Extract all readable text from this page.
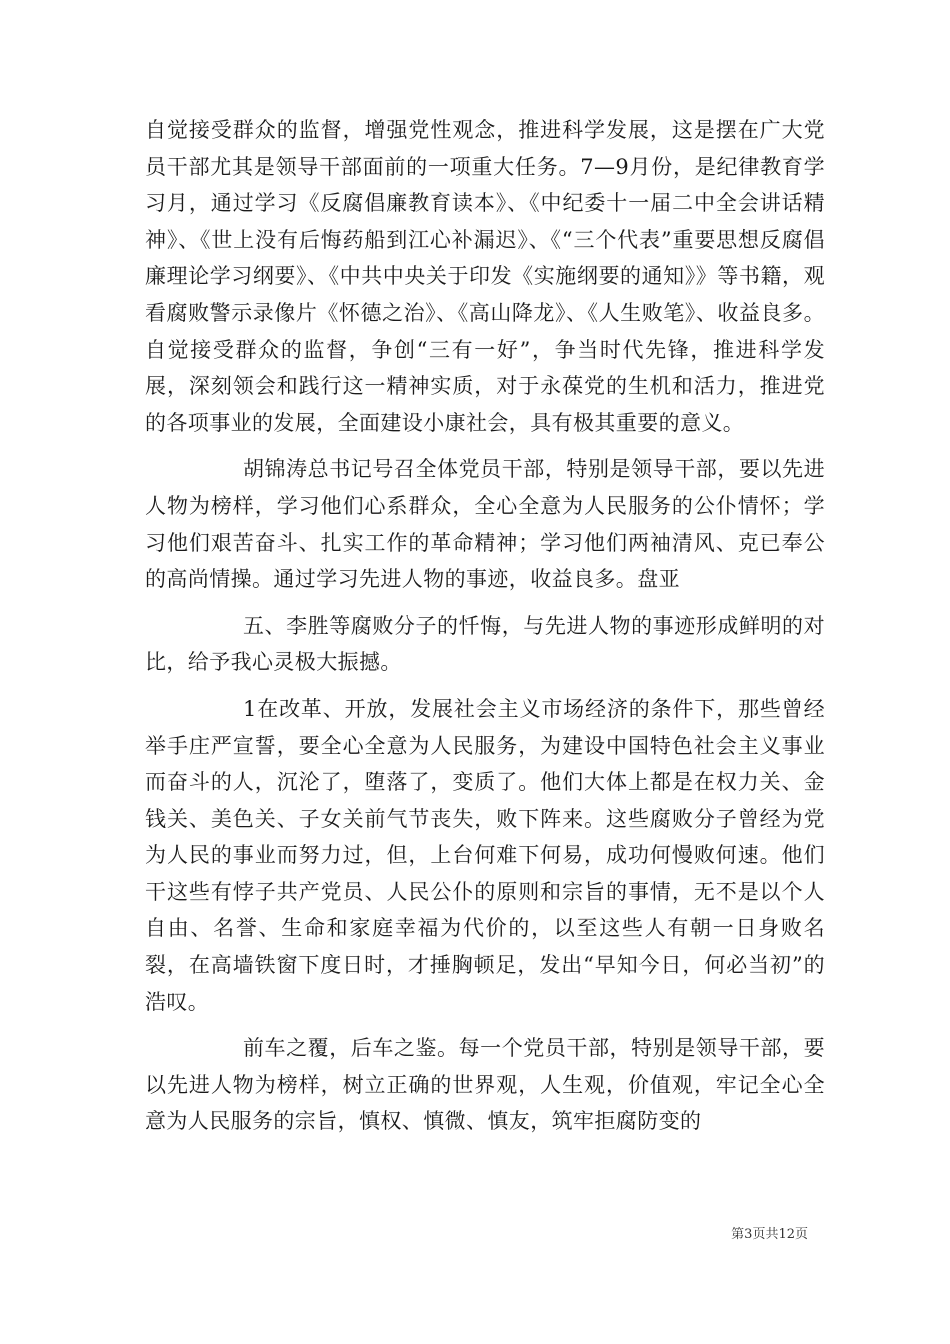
自觉接受群众的监督，增强党性观念，推进科学发展，这是摆在广大党员干部尤其是领导干部面前的一项重大任务。7—9月份，是纪律教育学习月，通过学习《反腐倡廉教育读本》、《中纪委十一届二中全会讲话精神》、《世上没有后悔药船到江心补漏迟》、《“三个代表”重要思想反腐倡廉理论学习纲要》、《中共中央关于印发《实施纲要的通知》》等书籍，观看腐败警示录像片《怀德之治》、《高山降龙》、《人生败笔》、收益良多。自觉接受群众的监督，争创“三有一好”，争当时代先锋，推进科学发展，深刻领会和践行这一精神实质，对于永葆党的生机和活力，推进党的各项事业的发展，全面建设小康社会，具有极其重要的意义。

胡锦涛总书记号召全体党员干部，特别是领导干部，要以先进人物为榜样，学习他们心系群众，全心全意为人民服务的公仆情怀；学习他们艰苦奋斗、扎实工作的革命精神；学习他们两袖清风、克已奉公的高尚情操。通过学习先进人物的事迹，收益良多。盘亚

五、李胜等腐败分子的忏悔，与先进人物的事迹形成鲜明的对比，给予我心灵极大振撼。

1在改革、开放，发展社会主义市场经济的条件下，那些曾经举手庄严宣誓，要全心全意为人民服务，为建设中国特色社会主义事业而奋斗的人，沉沦了，堕落了，变质了。他们大体上都是在权力关、金钱关、美色关、子女关前气节丧失，败下阵来。这些腐败分子曾经为党为人民的事业而努力过，但，上台何难下何易，成功何慢败何速。他们干这些有悖子共产党员、人民公仆的原则和宗旨的事情，无不是以个人自由、名誉、生命和家庭幸福为代价的，以至这些人有朝一日身败名裂，在高墙铁窗下度日时，才捶胸顿足，发出“早知今日，何必当初”的浩叹。

前车之覆，后车之鉴。每一个党员干部，特别是领导干部，要以先进人物为榜样，树立正确的世界观，人生观，价值观，牢记全心全意为人民服务的宗旨，慎权、慎微、慎友，筑牢拒腐防变的

第3页共12页
